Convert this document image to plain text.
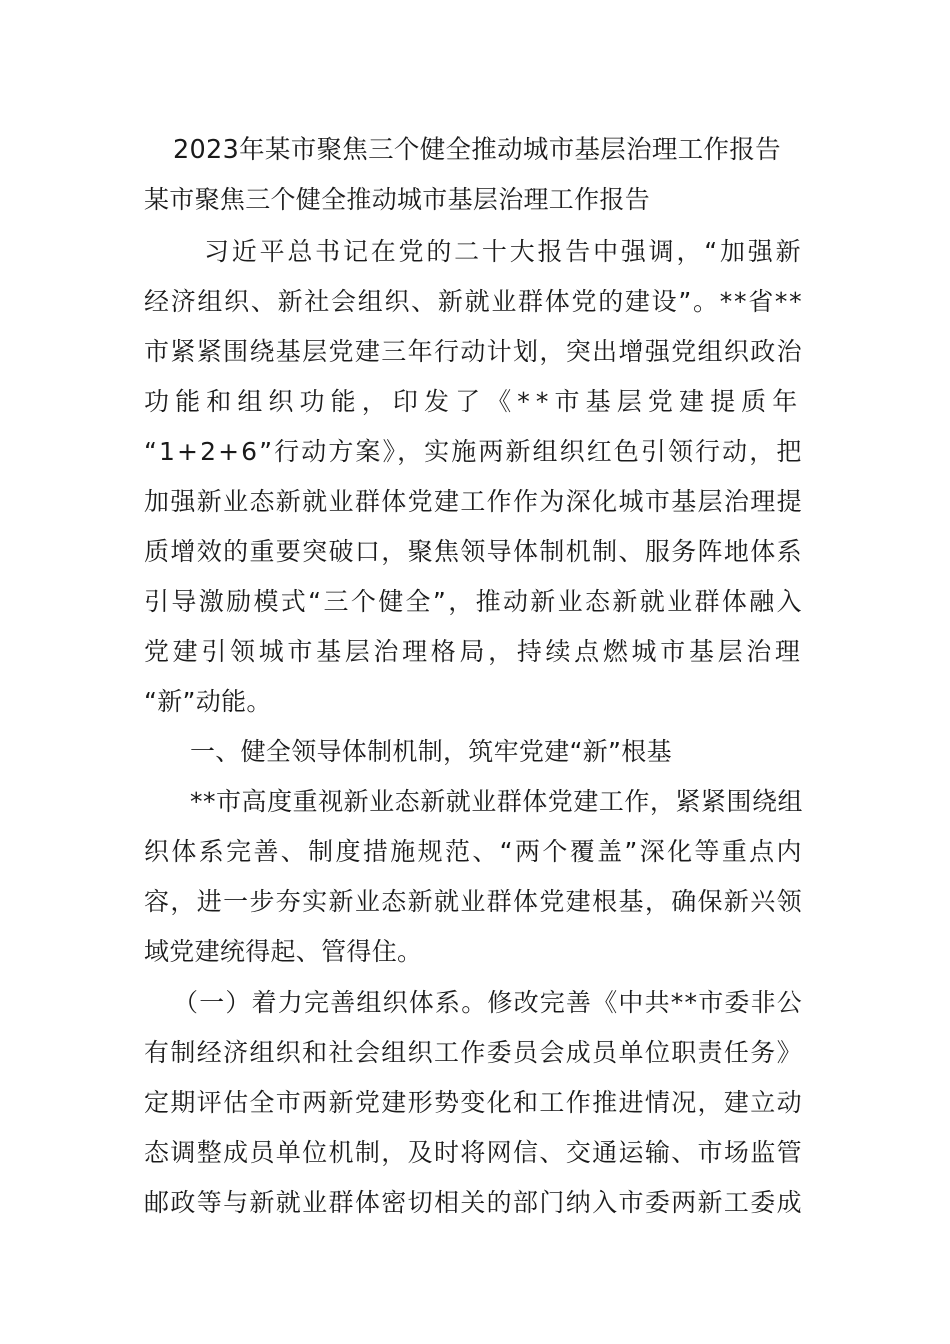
2023年某市聚焦三个健全推动城市基层治理工作报告
某市聚焦三个健全推动城市基层治理工作报告
习近平总书记在党的二十大报告中强调，“加强新
经济组织、新社会组织、新就业群体党的建设”。**省**
市紧紧围绕基层党建三年行动计划，突出增强党组织政治
功能和组织功能，印发了《**市基层党建提质年
“1+2+6”行动方案》，实施两新组织红色引领行动，把
加强新业态新就业群体党建工作作为深化城市基层治理提
质增效的重要突破口，聚焦领导体制机制、服务阵地体系
引导激励模式“三个健全”，推动新业态新就业群体融入
党建引领城市基层治理格局，持续点燃城市基层治理
“新”动能。
一、健全领导体制机制，筑牢党建“新”根基
**市高度重视新业态新就业群体党建工作，紧紧围绕组
织体系完善、制度措施规范、“两个覆盖”深化等重点内
容，进一步夯实新业态新就业群体党建根基，确保新兴领
域党建统得起、管得住。
（一）着力完善组织体系。修改完善《中共**市委非公
有制经济组织和社会组织工作委员会成员单位职责任务》
定期评估全市两新党建形势变化和工作推进情况，建立动
态调整成员单位机制，及时将网信、交通运输、市场监管
邮政等与新就业群体密切相关的部门纳入市委两新工委成
